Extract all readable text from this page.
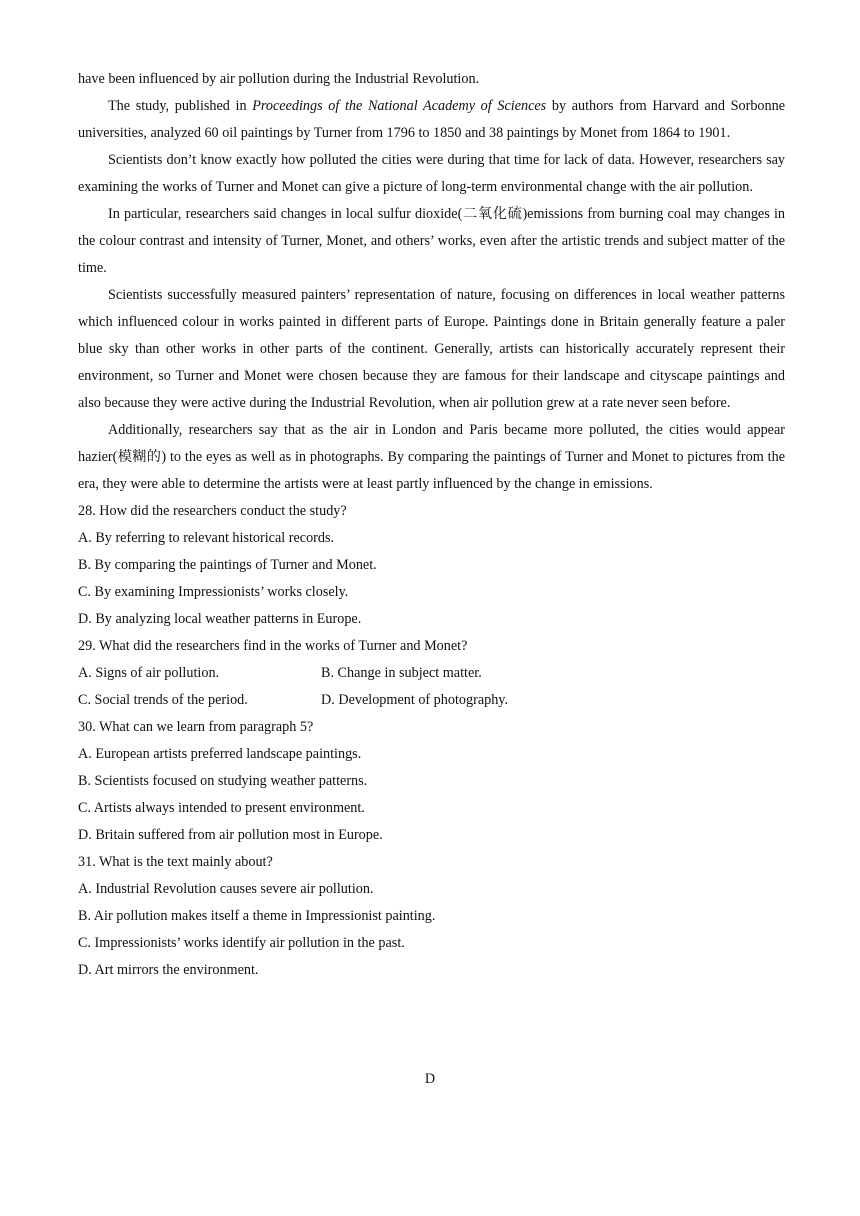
have been influenced by air pollution during the Industrial Revolution.

The study, published in Proceedings of the National Academy of Sciences by authors from Harvard and Sorbonne universities, analyzed 60 oil paintings by Turner from 1796 to 1850 and 38 paintings by Monet from 1864 to 1901.

Scientists don’t know exactly how polluted the cities were during that time for lack of data. However, researchers say examining the works of Turner and Monet can give a picture of long-term environmental change with the air pollution.

In particular, researchers said changes in local sulfur dioxide(二氧化硫)emissions from burning coal may changes in the colour contrast and intensity of Turner, Monet, and others’ works, even after the artistic trends and subject matter of the time.

Scientists successfully measured painters’ representation of nature, focusing on differences in local weather patterns which influenced colour in works painted in different parts of Europe. Paintings done in Britain generally feature a paler blue sky than other works in other parts of the continent. Generally, artists can historically accurately represent their environment, so Turner and Monet were chosen because they are famous for their landscape and cityscape paintings and also because they were active during the Industrial Revolution, when air pollution grew at a rate never seen before.

Additionally, researchers say that as the air in London and Paris became more polluted, the cities would appear hazier(模糊的) to the eyes as well as in photographs. By comparing the paintings of Turner and Monet to pictures from the era, they were able to determine the artists were at least partly influenced by the change in emissions.

28. How did the researchers conduct the study?

A. By referring to relevant historical records.

B. By comparing the paintings of Turner and Monet.

C. By examining Impressionists’ works closely.

D. By analyzing local weather patterns in Europe.

29. What did the researchers find in the works of Turner and Monet?

A. Signs of air pollution.	B. Change in subject matter.
C. Social trends of the period.	D. Development of photography.

30. What can we learn from paragraph 5?

A. European artists preferred landscape paintings.

B. Scientists focused on studying weather patterns.

C. Artists always intended to present environment.

D. Britain suffered from air pollution most in Europe.

31. What is the text mainly about?

A. Industrial Revolution causes severe air pollution.

B. Air pollution makes itself a theme in Impressionist painting.

C. Impressionists’ works identify air pollution in the past.

D. Art mirrors the environment.

D
